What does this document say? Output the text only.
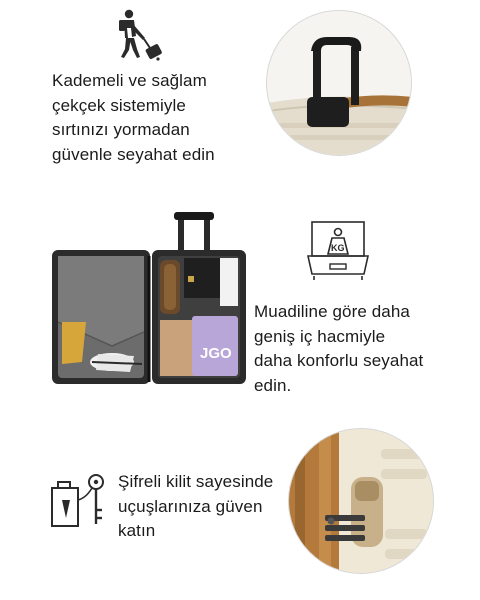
Kademeli ve sağlam

çekçek sistemiyle

sırtınızı yormadan

güvenle seyahat edin

JGO
KG

Muadiline göre daha

geniş iç hacmiyle

daha konforlu seyahat

edin.

Şifreli kilit sayesinde

uçuşlarınıza güven

katın
